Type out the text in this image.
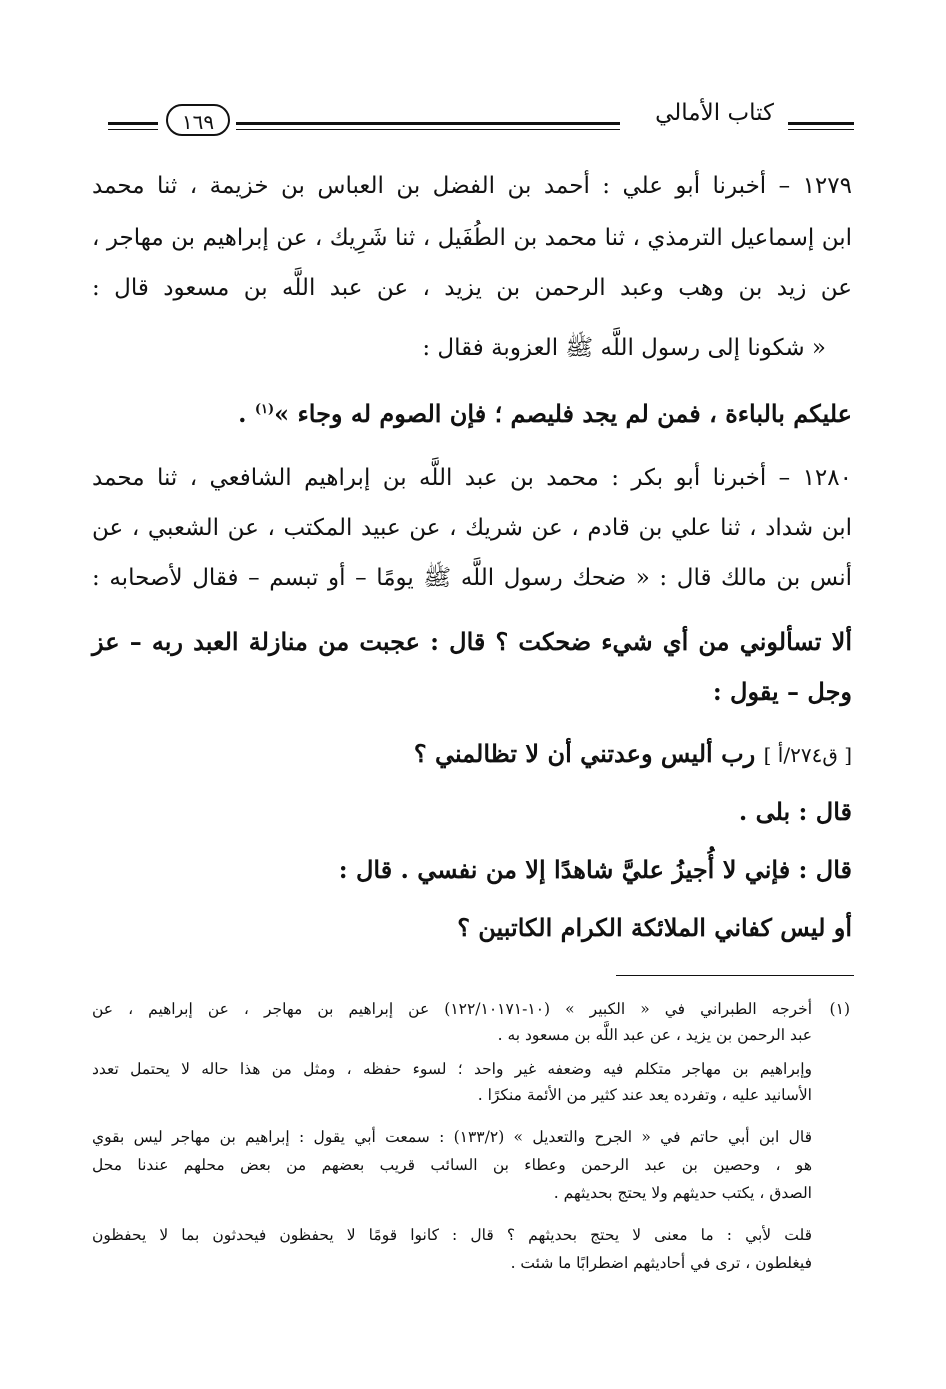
كتاب الأمالي
١٦٩
١٢٧٩ – أخبرنا أبو علي : أحمد بن الفضل بن العباس بن خزيمة ، ثنا محمد
ابن إسماعيل الترمذي ، ثنا محمد بن الطُفَيل ، ثنا شَرِيك ، عن إبراهيم بن مهاجر ،
عن زيد بن وهب وعبد الرحمن بن يزيد ، عن عبد اللَّه بن مسعود قال :
« شكونا إلى رسول اللَّه ﷺ العزوبة فقال :
عليكم بالباءة ، فمن لم يجد فليصم ؛ فإن الصوم له وجاء »$^{(١)}$ .
١٢٨٠ – أخبرنا أبو بكر : محمد بن عبد اللَّه بن إبراهيم الشافعي ، ثنا محمد
ابن شداد ، ثنا علي بن قادم ، عن شريك ، عن عبيد المكتب ، عن الشعبي ، عن
أنس بن مالك قال : « ضحك رسول اللَّه ﷺ يومًا – أو تبسم – فقال لأصحابه :
ألا تسألوني من أي شيء ضحكت ؟ قال : عجبت من منازلة العبد ربه – عز
وجل – يقول :
[ ق٢٧٤/أ ] رب أليس وعدتني أن لا تظالمني ؟
قال : بلى .
قال : فإني لا أُجيزُ عليَّ شاهدًا إلا من نفسي . قال :
أو ليس كفاني الملائكة الكرام الكاتبين ؟
(١)
أخرجه الطبراني في « الكبير » (١٠-١٢٢/١٠١٧١) عن إبراهيم بن مهاجر ، عن إبراهيم ، عن
عبد الرحمن بن يزيد ، عن عبد اللَّه بن مسعود به .
وإبراهيم بن مهاجر متكلم فيه وضعفه غير واحد ؛ لسوء حفظه ، ومثل من هذا حاله لا يحتمل تعدد
الأسانيد عليه ، وتفرده يعد عند كثير من الأئمة منكرًا .
قال ابن أبي حاتم في « الجرح والتعديل » (١٣٣/٢) : سمعت أبي يقول : إبراهيم بن مهاجر ليس بقوي
هو ، وحصين بن عبد الرحمن وعطاء بن السائب قريب بعضهم من بعض محلهم عندنا محل
الصدق ، يكتب حديثهم ولا يحتج بحديثهم .
قلت لأبي : ما معنى لا يحتج بحديثهم ؟ قال : كانوا قومًا لا يحفظون فيحدثون بما لا يحفظون
فيغلطون ، ترى في أحاديثهم اضطرابًا ما شئت .
